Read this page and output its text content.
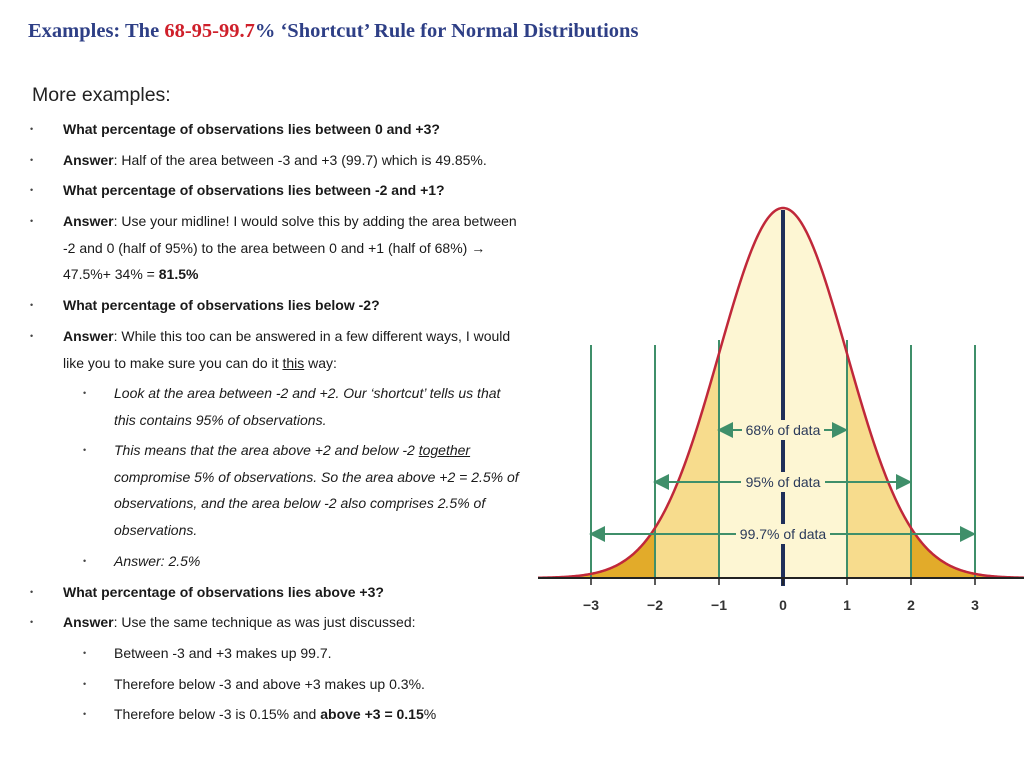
Examples: The 68-95-99.7% ‘Shortcut’ Rule for Normal Distributions
More examples:
• What percentage of observations lies between 0 and +3?
• Answer: Half of the area between -3 and +3 (99.7) which is 49.85%.
• What percentage of observations lies between -2 and +1?
• Answer: Use your midline! I would solve this by adding the area between -2 and 0 (half of 95%) to the area between 0 and +1 (half of 68%) → 47.5%+ 34% = 81.5%
• What percentage of observations lies below -2?
• Answer: While this too can be answered in a few different ways, I would like you to make sure you can do it this way:
• Look at the area between -2 and +2. Our ‘shortcut’ tells us that this contains 95% of observations.
• This means that the area above +2 and below -2 together compromise 5% of observations. So the area above +2 = 2.5% of observations, and the area below -2 also comprises 2.5% of observations.
• Answer: 2.5%
• What percentage of observations lies above +3?
• Answer: Use the same technique as was just discussed:
• Between -3 and +3 makes up 99.7.
• Therefore below -3 and above +3 makes up 0.3%.
• Therefore below -3 is 0.15% and above +3 = 0.15%
68% of data
95% of data
99.7% of data
−3	−2	−1	0	1	2	3
